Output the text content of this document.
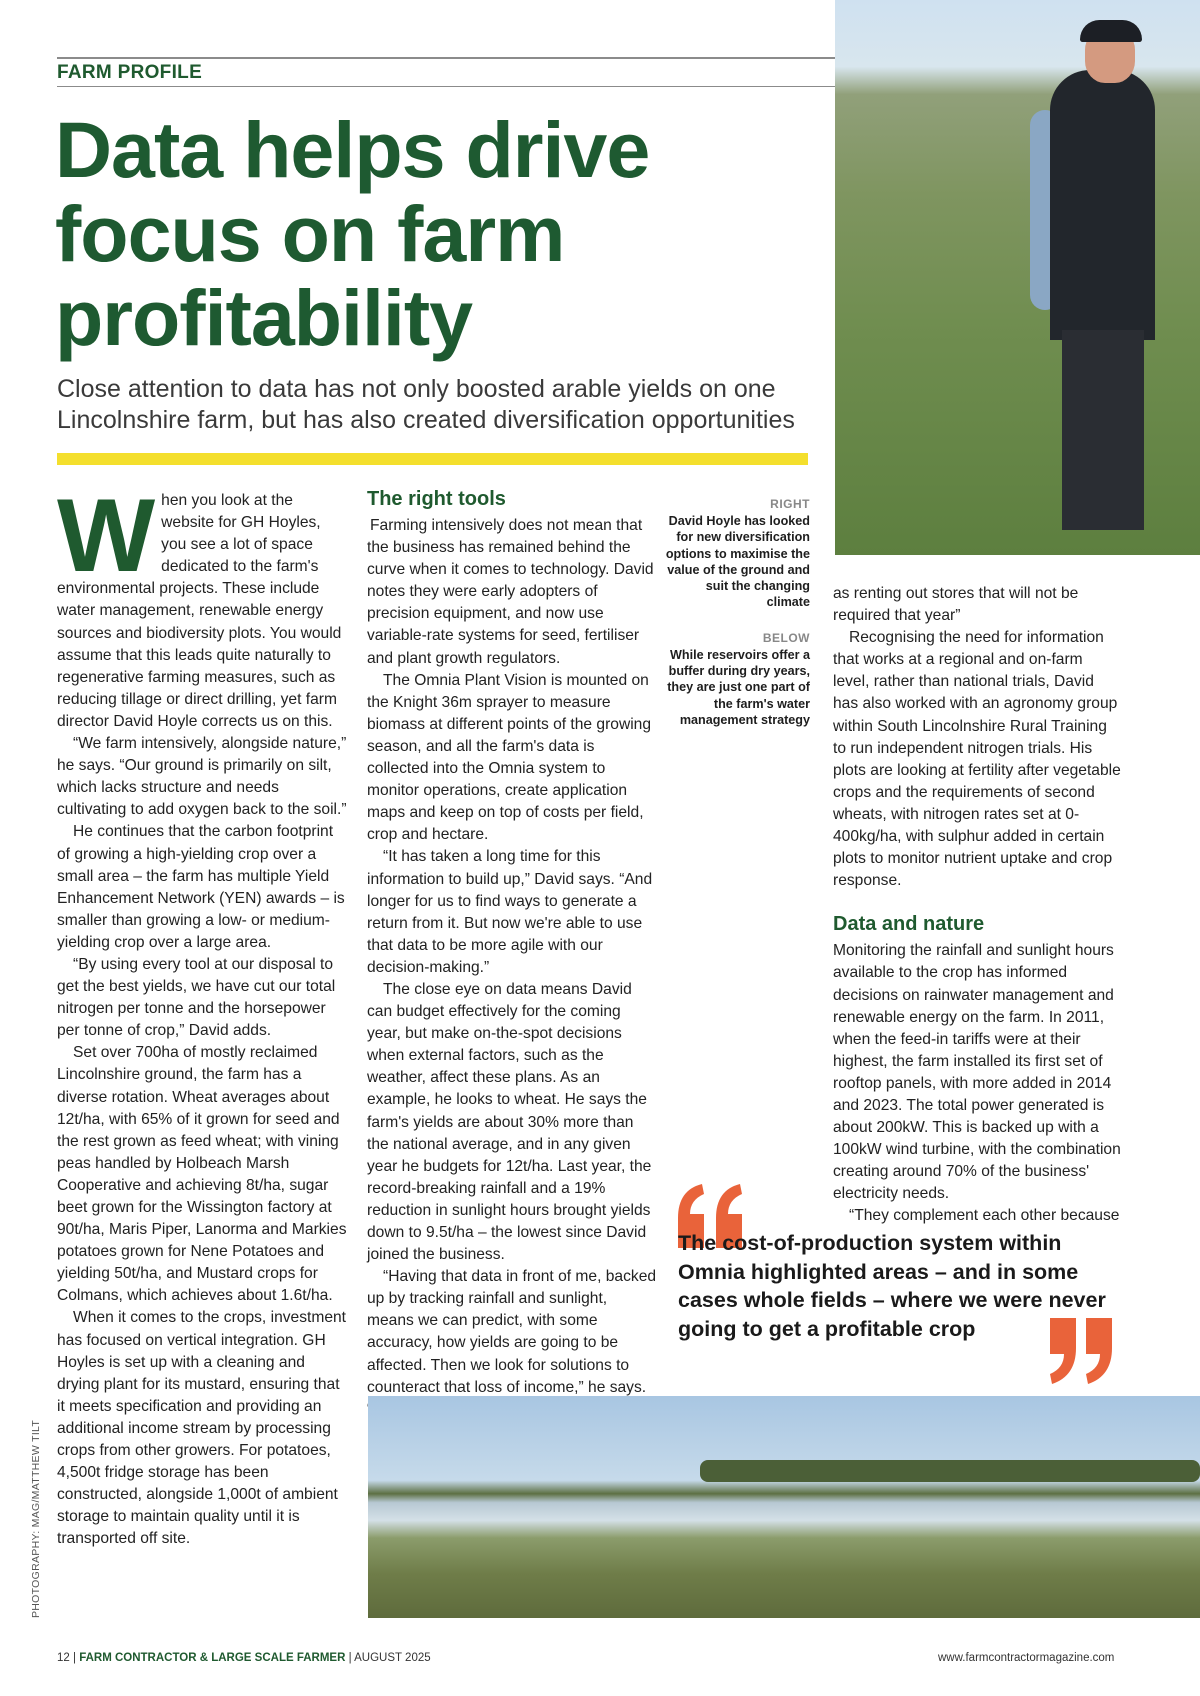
FARM PROFILE
Data helps drive focus on farm profitability

Close attention to data has not only boosted arable yields on one Lincolnshire farm, but has also created diversification opportunities

W hen you look at the website for GH Hoyles, you see a lot of space dedicated to the farm's environmental projects. These include water management, renewable energy sources and biodiversity plots. You would assume that this leads quite naturally to regenerative farming measures, such as reducing tillage or direct drilling, yet farm director David Hoyle corrects us on this.

“We farm intensively, alongside nature,” he says. “Our ground is primarily on silt, which lacks structure and needs cultivating to add oxygen back to the soil.”

He continues that the carbon footprint of growing a high-yielding crop over a small area – the farm has multiple Yield Enhancement Network (YEN) awards – is smaller than growing a low- or medium-yielding crop over a large area.

“By using every tool at our disposal to get the best yields, we have cut our total nitrogen per tonne and the horsepower per tonne of crop,” David adds.

Set over 700ha of mostly reclaimed Lincolnshire ground, the farm has a diverse rotation. Wheat averages about 12t/ha, with 65% of it grown for seed and the rest grown as feed wheat; with vining peas handled by Holbeach Marsh Cooperative and achieving 8t/ha, sugar beet grown for the Wissington factory at 90t/ha, Maris Piper, Lanorma and Markies potatoes grown for Nene Potatoes and yielding 50t/ha, and Mustard crops for Colmans, which achieves about 1.6t/ha.

When it comes to the crops, investment has focused on vertical integration. GH Hoyles is set up with a cleaning and drying plant for its mustard, ensuring that it meets specification and providing an additional income stream by processing crops from other growers. For potatoes, 4,500t fridge storage has been constructed, alongside 1,000t of ambient storage to maintain quality until it is transported off site.

The right tools

Farming intensively does not mean that the business has remained behind the curve when it comes to technology. David notes they were early adopters of precision equipment, and now use variable-rate systems for seed, fertiliser and plant growth regulators.

The Omnia Plant Vision is mounted on the Knight 36m sprayer to measure biomass at different points of the growing season, and all the farm's data is collected into the Omnia system to monitor operations, create application maps and keep on top of costs per field, crop and hectare.

“It has taken a long time for this information to build up,” David says. “And longer for us to find ways to generate a return from it. But now we're able to use that data to be more agile with our decision-making.”

The close eye on data means David can budget effectively for the coming year, but make on-the-spot decisions when external factors, such as the weather, affect these plans. As an example, he looks to wheat. He says the farm's yields are about 30% more than the national average, and in any given year he budgets for 12t/ha. Last year, the record-breaking rainfall and a 19% reduction in sunlight hours brought yields down to 9.5t/ha – the lowest since David joined the business.

“Having that data in front of me, backed up by tracking rainfall and sunlight, means we can predict, with some accuracy, how yields are going to be affected. Then we look for solutions to counteract that loss of income,” he says.

RIGHT
David Hoyle has looked for new diversification options to maximise the value of the ground and suit the changing climate
BELOW
While reservoirs offer a buffer during dry years, they are just one part of the farm's water management strategy

as renting out stores that will not be required that year”

Recognising the need for information that works at a regional and on-farm level, rather than national trials, David has also worked with an agronomy group within South Lincolnshire Rural Training to run independent nitrogen trials. His plots are looking at fertility after vegetable crops and the requirements of second wheats, with nitrogen rates set at 0-400kg/ha, with sulphur added in certain plots to monitor nutrient uptake and crop response.

Data and nature

Monitoring the rainfall and sunlight hours available to the crop has informed decisions on rainwater management and renewable energy on the farm. In 2011, when the feed-in tariffs were at their highest, the farm installed its first set of rooftop panels, with more added in 2014 and 2023. The total power generated is about 200kW. This is backed up with a 100kW wind turbine, with the combination creating around 70% of the business' electricity needs.

“They complement each other because

The cost-of-production system within Omnia highlighted areas – and in some cases whole fields – where we were never going to get a profitable crop

PHOTOGRAPHY: MAG/MATTHEW TILT
12 | FARM CONTRACTOR & LARGE SCALE FARMER | AUGUST 2025	www.farmcontractormagazine.com
